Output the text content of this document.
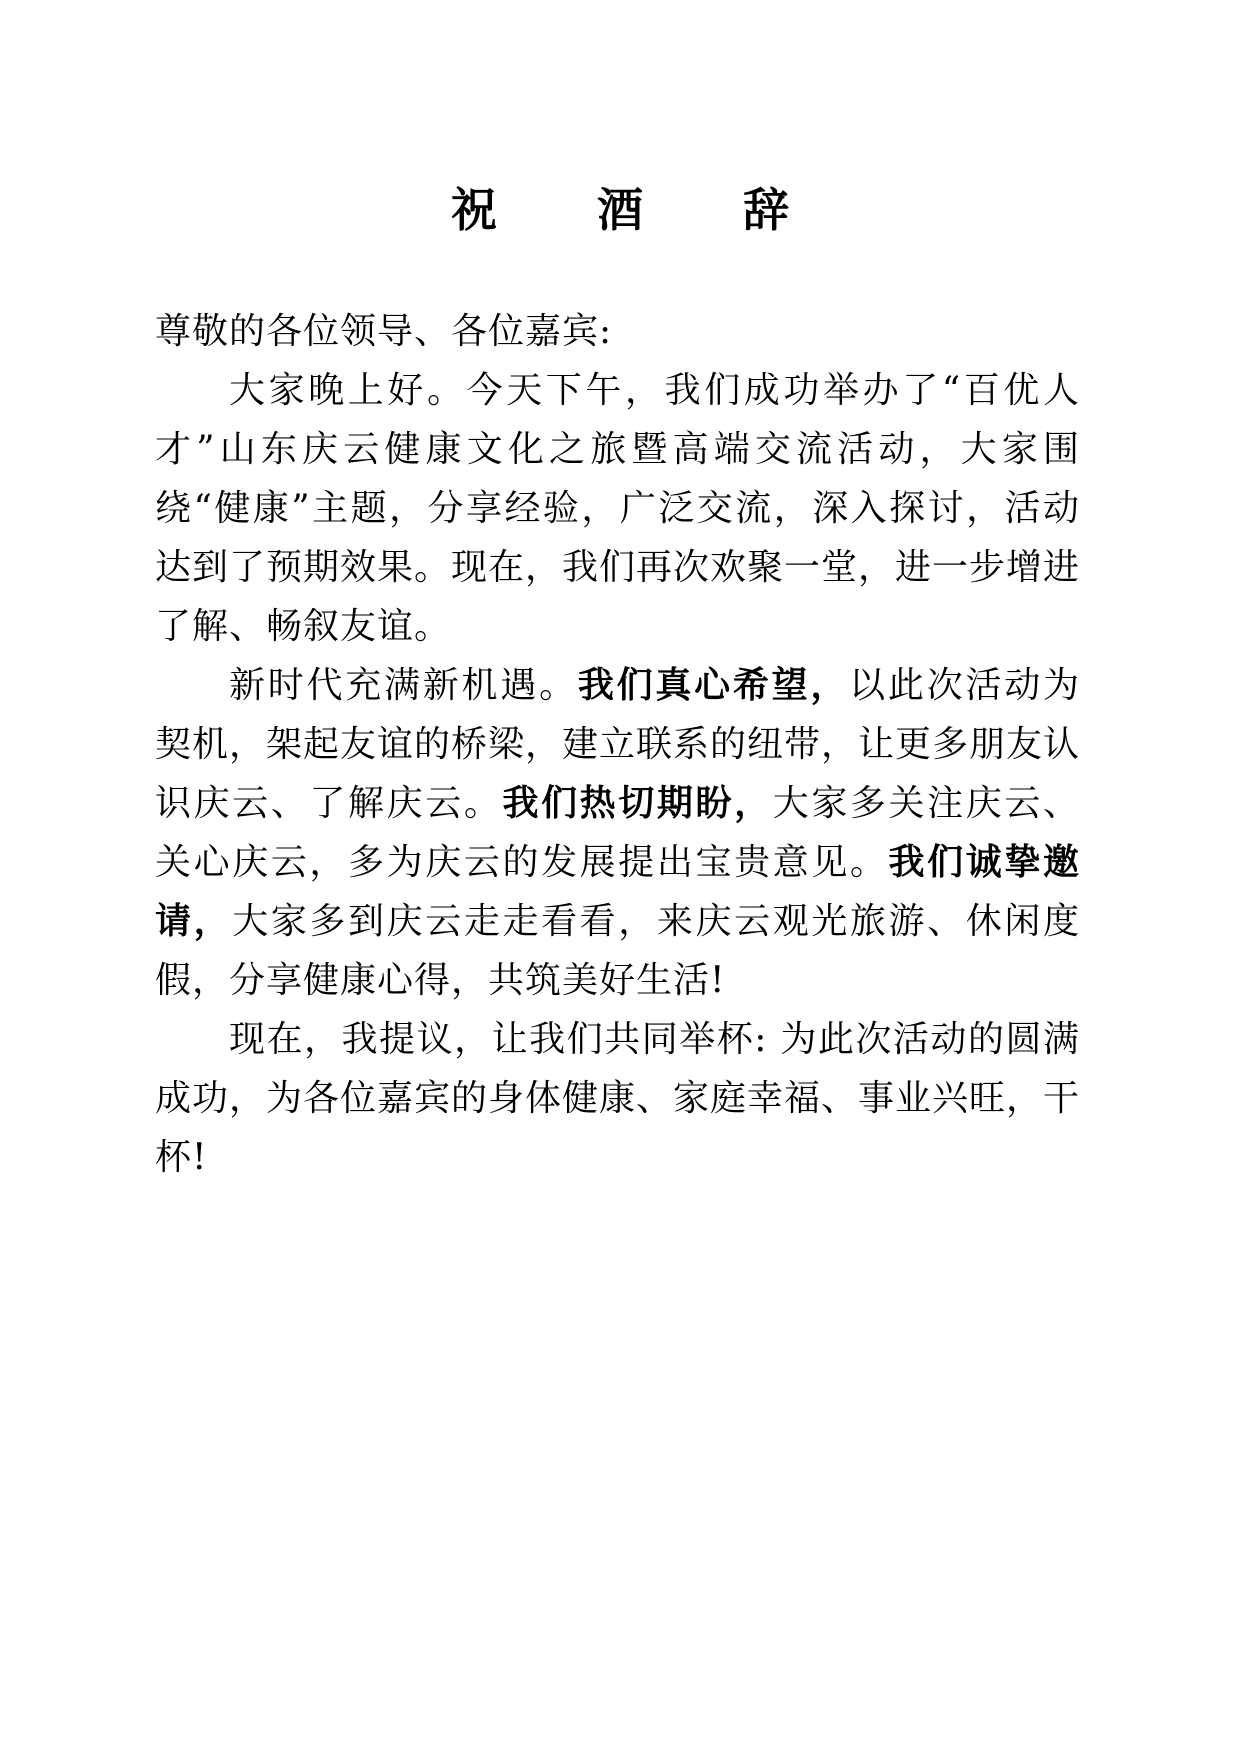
祝 酒 辞

尊敬的各位领导、各位嘉宾:

大家晚上好。今天下午，我们成功举办了“百优人才”山东庆云健康文化之旅暨高端交流活动，大家围绕“健康”主题，分享经验，广泛交流，深入探讨，活动达到了预期效果。现在，我们再次欢聚一堂，进一步增进了解、畅叙友谊。

新时代充满新机遇。我们真心希望，以此次活动为契机，架起友谊的桥梁，建立联系的纽带，让更多朋友认识庆云、了解庆云。我们热切期盼，大家多关注庆云、关心庆云，多为庆云的发展提出宝贵意见。我们诚挚邀请，大家多到庆云走走看看，来庆云观光旅游、休闲度假，分享健康心得，共筑美好生活!

现在，我提议，让我们共同举杯: 为此次活动的圆满成功，为各位嘉宾的身体健康、家庭幸福、事业兴旺，干杯!
